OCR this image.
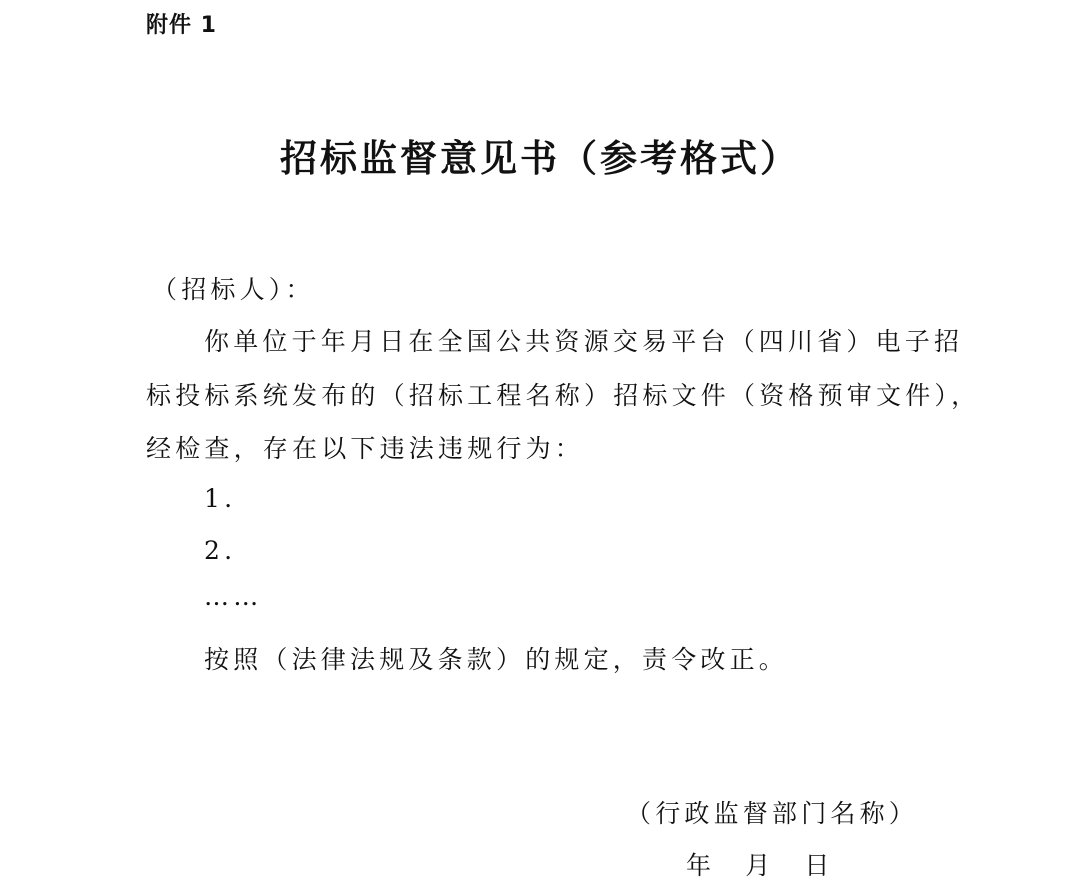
附件 1
招标监督意见书（参考格式）
（招标人）：
你单位于年月日在全国公共资源交易平台（四川省）电子招
标投标系统发布的（招标工程名称）招标文件（资格预审文件），
经检查，存在以下违法违规行为：
1.
2.
……
按照（法律法规及条款）的规定，责令改正。
（行政监督部门名称）
年 月 日
